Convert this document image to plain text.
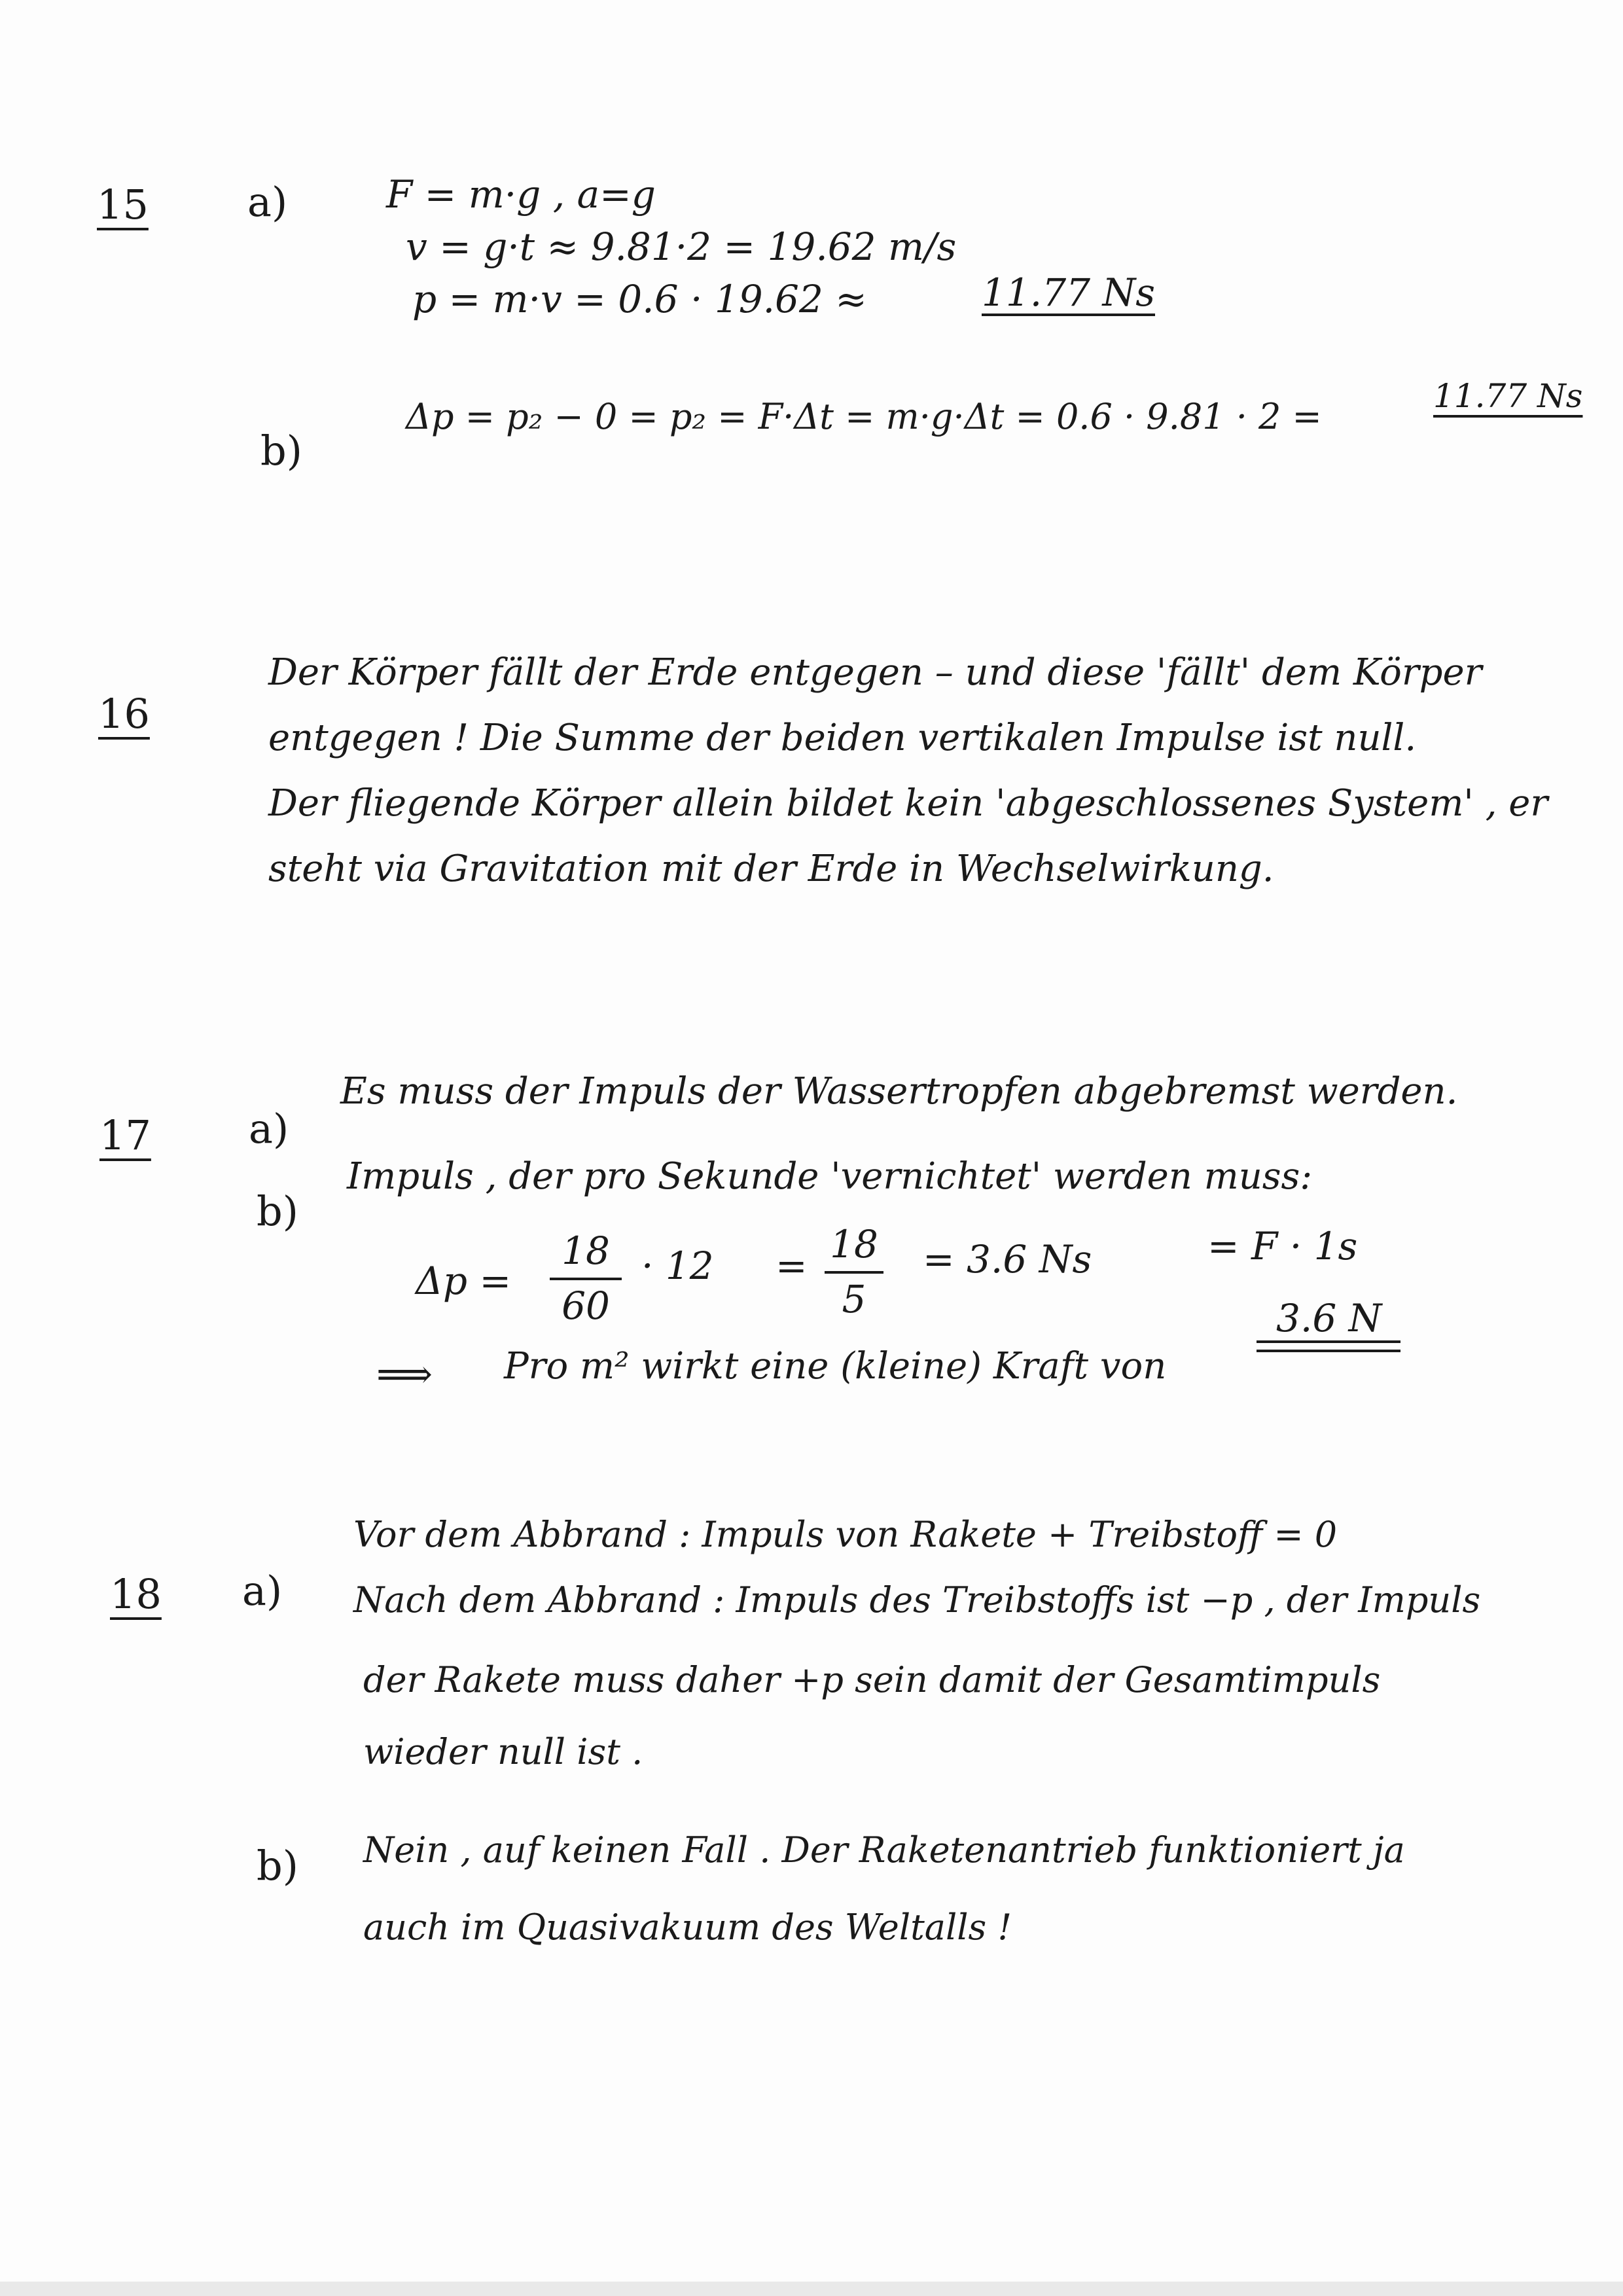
15 a)	F = m·g , a=g
v = g·t ≈ 9.81·2 = 19.62 m/s
p = m·v = 0.6 · 19.62 ≈	11.77 Ns
b)
Δp = p₂ − 0 = p₂ = F·Δt = m·g·Δt = 0.6 · 9.81 · 2 =	11.77 Ns
16
Der Körper fällt der Erde entgegen – und diese 'fällt' dem Körper
entgegen ! Die Summe der beiden vertikalen Impulse ist null.
Der fliegende Körper allein bildet kein 'abgeschlossenes System' , er
steht via Gravitation mit der Erde in Wechselwirkung.
17 a)
Es muss der Impuls der Wassertropfen abgebremst werden.
b)
Impuls , der pro Sekunde 'vernichtet' werden muss:
Δp =
18
60
· 12 = 18
5
= 3.6 Ns	= F · 1s
⟹ Pro m² wirkt eine (kleine) Kraft von
3.6 N
18 a)
Vor dem Abbrand : Impuls von Rakete + Treibstoff = 0
Nach dem Abbrand : Impuls des Treibstoffs ist −p , der Impuls
der Rakete muss daher +p sein damit der Gesamtimpuls
wieder null ist .
b) Nein , auf keinen Fall . Der Raketenantrieb funktioniert ja
auch im Quasivakuum des Weltalls !
